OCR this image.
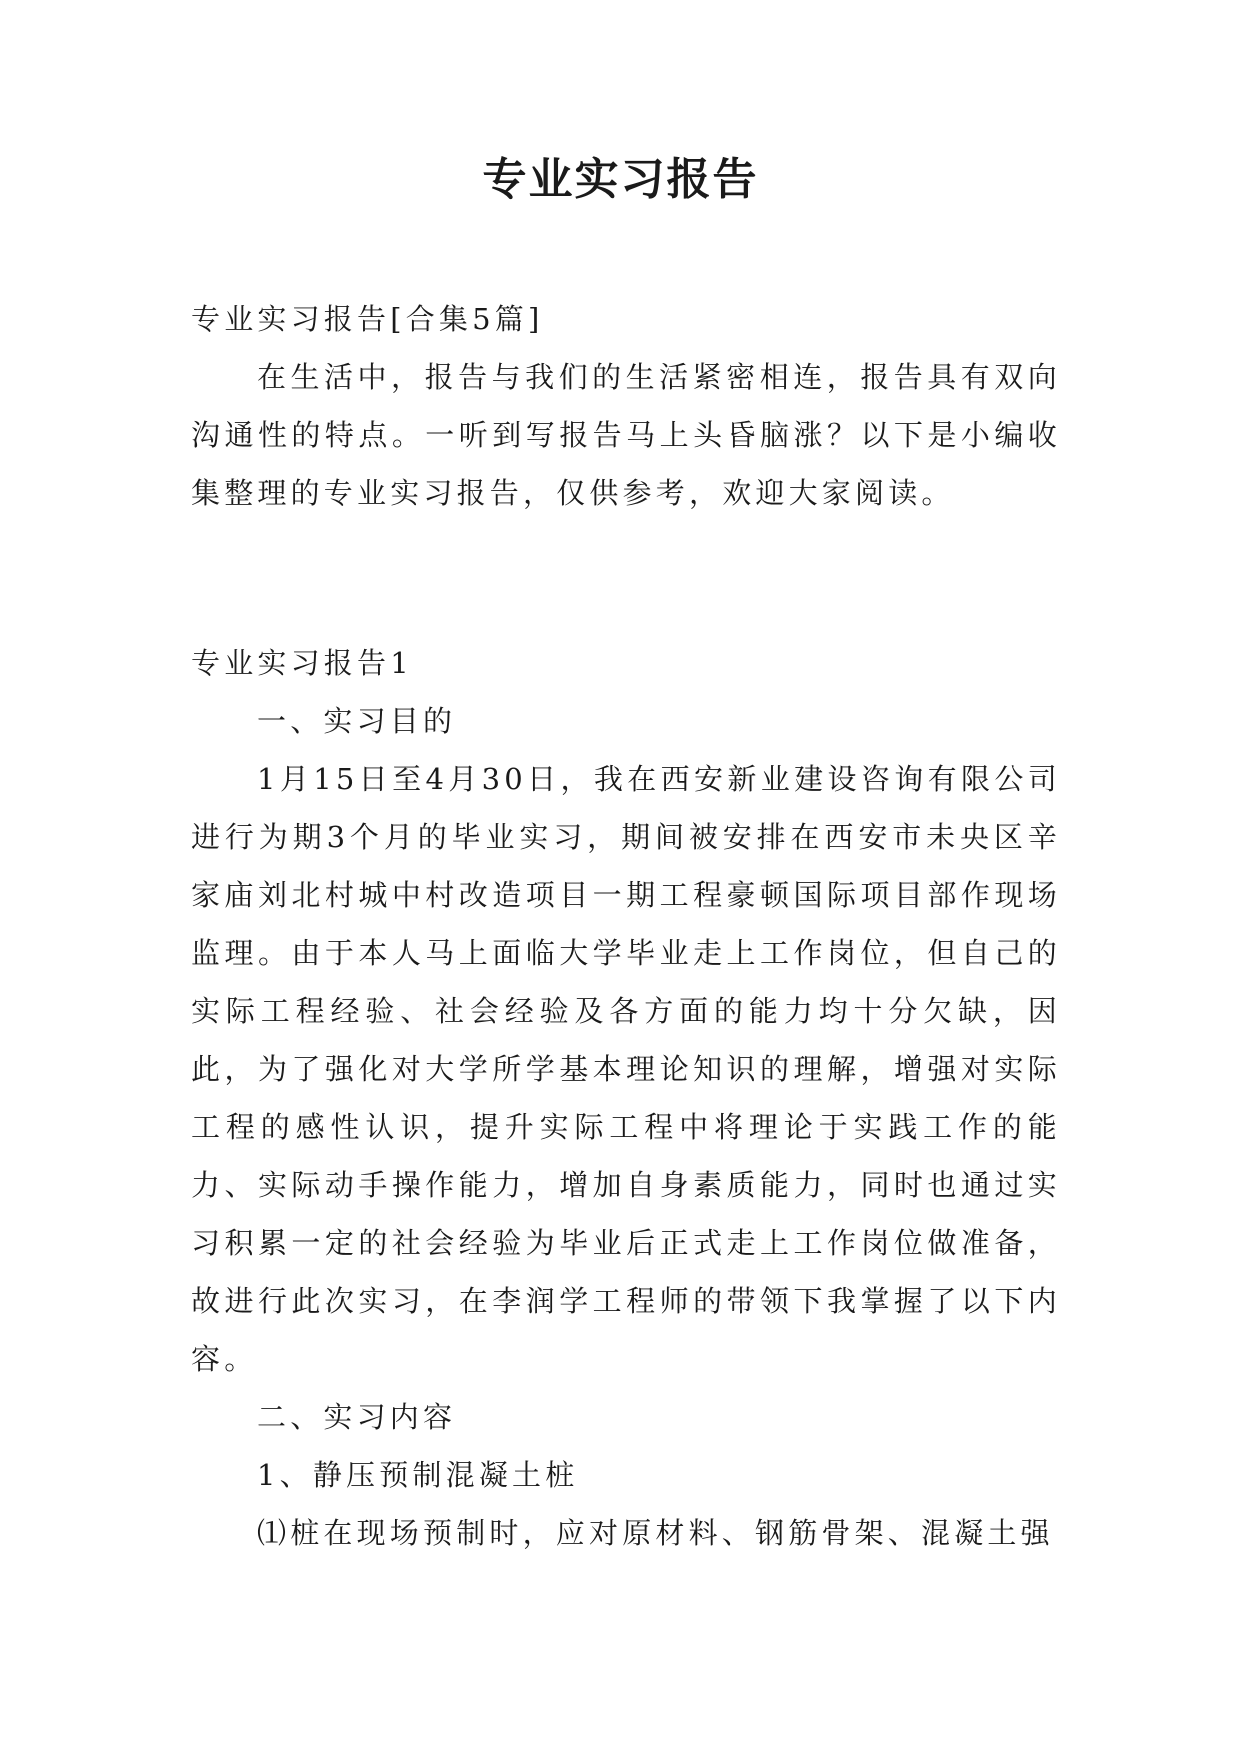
专业实习报告

专业实习报告[合集5篇]

在生活中，报告与我们的生活紧密相连，报告具有双向沟通性的特点。一听到写报告马上头昏脑涨？以下是小编收集整理的专业实习报告，仅供参考，欢迎大家阅读。

专业实习报告1

一、实习目的

1月15日至4月30日，我在西安新业建设咨询有限公司进行为期3个月的毕业实习，期间被安排在西安市未央区辛家庙刘北村城中村改造项目一期工程豪顿国际项目部作现场监理。由于本人马上面临大学毕业走上工作岗位，但自己的实际工程经验、社会经验及各方面的能力均十分欠缺，因此，为了强化对大学所学基本理论知识的理解，增强对实际工程的感性认识，提升实际工程中将理论于实践工作的能力、实际动手操作能力，增加自身素质能力，同时也通过实习积累一定的社会经验为毕业后正式走上工作岗位做准备，故进行此次实习，在李润学工程师的带领下我掌握了以下内容。

二、实习内容

1、静压预制混凝土桩

⑴桩在现场预制时，应对原材料、钢筋骨架、混凝土强
